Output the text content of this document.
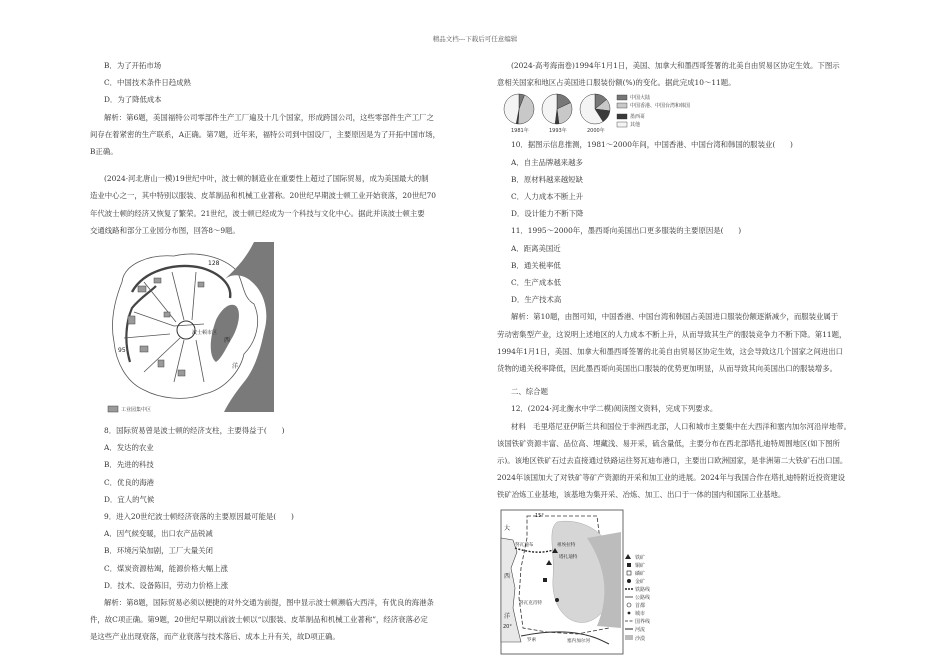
精品文档---下载后可任意编辑

B．为了开拓市场

C．中国技术条件日趋成熟

D．为了降低成本

解析：第6题，美国福特公司零部件生产工厂遍及十几个国家，形成跨国公司，这些零部件生产工厂之

间存在着紧密的生产联系，A正确。第7题，近年来，福特公司到中国设厂，主要原因是为了开拓中国市场，

B正确。

(2024·河北唐山一模)19世纪中叶，波士顿的制造业在重要性上超过了国际贸易，成为美国最大的制

造业中心之一，其中特别以服装、皮革制品和机械工业著称。20世纪早期波士顿工业开始衰落，20世纪70

年代波士顿的经济又恢复了繁荣。21世纪，波士顿已经成为一个科技与文化中心。据此并读波士顿主要

交通线路和部分工业园分布图，回答8～9题。

128
95
大
西
洋
波士顿市区
工业园集中区

8．国际贸易曾是波士顿的经济支柱，主要得益于(　　)

A．发达的农业

B．先进的科技

C．优良的海港

D．宜人的气候

9．进入20世纪波士顿经济衰落的主要原因最可能是(　　)

A．因气候变暖，出口农产品锐减

B．环境污染加剧，工厂大量关闭

C．煤炭资源枯竭，能源价格大幅上涨

D．技术、设备陈旧，劳动力价格上涨

解析：第8题，国际贸易必须以便捷的对外交通为前提，图中显示波士顿濒临大西洋，有优良的海港条

件，故C项正确。第9题，20世纪早期以前波士顿以“以服装、皮革制品和机械工业著称”，经济衰落必定

是这些产业出现衰落，而产业衰落与技术落后、成本上升有关，故D项正确。

(2024·高考海南卷)1994年1月1日，美国、加拿大和墨西哥签署的北美自由贸易区协定生效。下图示

意相关国家和地区占美国进口服装份额(%)的变化。据此完成10～11题。

1981年	1993年	2000年
中国大陆
中国香港、中国台湾和韩国
墨西哥
其他

10．据图示信息推测，1981～2000年间，中国香港、中国台湾和韩国的服装业(　　)

A．自主品牌越来越多

B．原材料越来越短缺

C．人力成本不断上升

D．设计能力不断下降

11．1995～2000年，墨西哥向美国出口更多服装的主要原因是(　　)

A．距离美国近

B．通关税率低

C．生产成本低

D．生产技术高

解析：第10题，由图可知，中国香港、中国台湾和韩国占美国进口服装份额逐渐减少，而服装业属于

劳动密集型产业，这说明上述地区的人力成本不断上升，从而导致其生产的服装竞争力不断下降。第11题，

1994年1月1日，美国、加拿大和墨西哥签署的北美自由贸易区协定生效，这会导致这几个国家之间进出口

货物的通关税率降低，因此墨西哥向美国出口服装的优势更加明显，从而导致其向美国出口的服装增多。

二、综合题

12．(2024·河北衡水中学二模)阅读图文资料，完成下列要求。

材料　毛里塔尼亚伊斯兰共和国位于非洲西北部，人口和城市主要集中在大西洋和塞内加尔河沿岸地带。

该国铁矿资源丰富、品位高、埋藏浅、易开采，硫含量低，主要分布在西北部塔扎迪特周围地区(如下图所

示)。该地区铁矿石过去直接通过铁路运往努瓦迪布港口，主要出口欧洲国家，是非洲第二大铁矿石出口国。

2024年该国加大了对铁矿等矿产资源的开采和加工业的进展。2024年与我国合作在塔扎迪特附近投资建设

铁矿冶炼工业基地，该基地为集开采、冶炼、加工、出口于一体的国内和国际工业基地。

15°
大
西
洋
努瓦迪布	祖埃拉特
塔扎迪特
努瓦克肖特
20°
罗索	塞内加尔河
铁矿
铜矿
磷矿
金矿
铁路线
公路线
首都
城市
国界线
河流
沙漠
